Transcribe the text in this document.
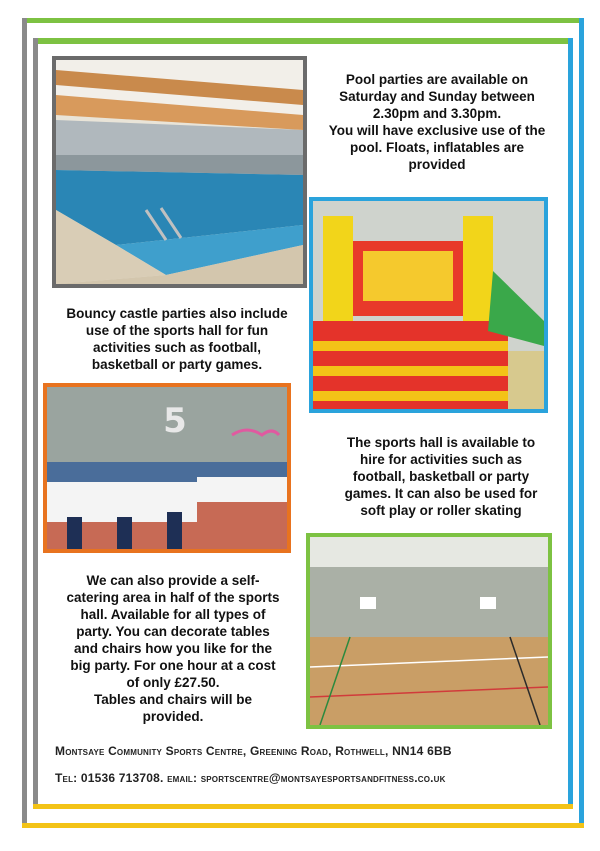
Pool parties are available on
Saturday and Sunday between
2.30pm and 3.30pm.
You will have exclusive use of the
pool. Floats, inflatables are
provided
Bouncy castle parties also include
use of the sports hall for fun
activities such as football,
basketball or party games.
5
The sports hall is available to
hire for activities such as
football, basketball or party
games. It can also be used for
soft play or roller skating
We can also provide a self-
catering area in half of the sports
hall. Available for all types of
party. You can decorate tables
and chairs how you like for the
big party. For one hour at a cost
of only £27.50.
Tables and chairs will be
provided.
Montsaye Community Sports Centre, Greening Road, Rothwell, NN14 6BB
Tel: 01536 713708. email: sportscentre@montsayesportsandfitness.co.uk
